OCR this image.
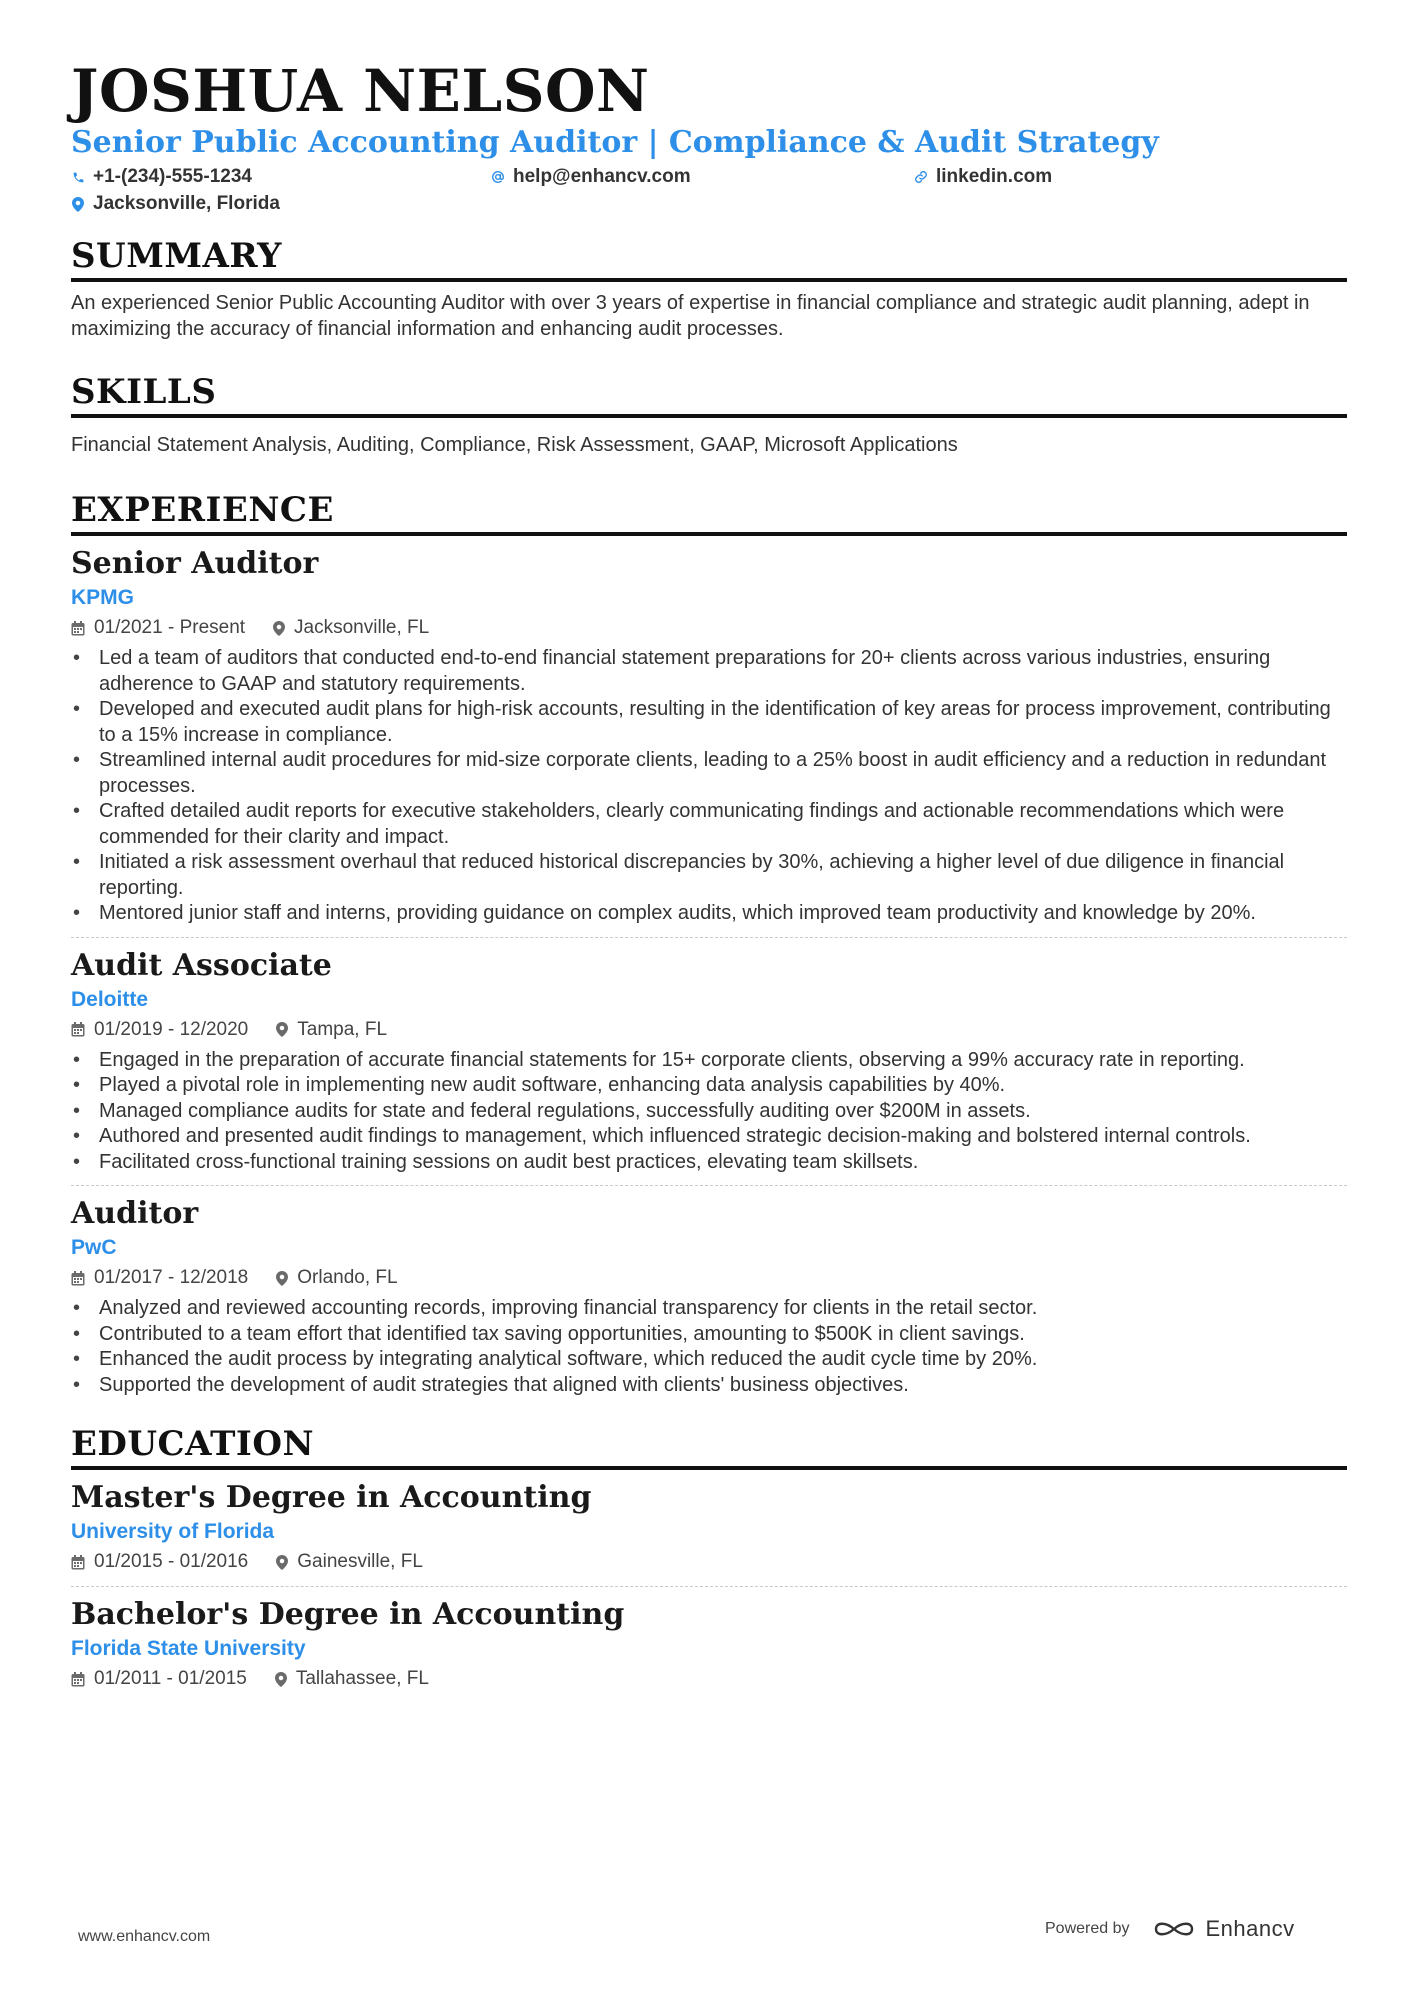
JOSHUA NELSON
Senior Public Accounting Auditor | Compliance & Audit Strategy
+1-(234)-555-1234	help@enhancv.com	linkedin.com
Jacksonville, Florida
SUMMARY

An experienced Senior Public Accounting Auditor with over 3 years of expertise in financial compliance and strategic audit planning, adept in maximizing the accuracy of financial information and enhancing audit processes.

SKILLS

Financial Statement Analysis, Auditing, Compliance, Risk Assessment, GAAP, Microsoft Applications

EXPERIENCE
Senior Auditor
KPMG
01/2021 - Present	Jacksonville, FL
• Led a team of auditors that conducted end-to-end financial statement preparations for 20+ clients across various industries, ensuring adherence to GAAP and statutory requirements.
• Developed and executed audit plans for high-risk accounts, resulting in the identification of key areas for process improvement, contributing to a 15% increase in compliance.
• Streamlined internal audit procedures for mid-size corporate clients, leading to a 25% boost in audit efficiency and a reduction in redundant processes.
• Crafted detailed audit reports for executive stakeholders, clearly communicating findings and actionable recommendations which were commended for their clarity and impact.
• Initiated a risk assessment overhaul that reduced historical discrepancies by 30%, achieving a higher level of due diligence in financial reporting.
• Mentored junior staff and interns, providing guidance on complex audits, which improved team productivity and knowledge by 20%.
Audit Associate
Deloitte
01/2019 - 12/2020	Tampa, FL
• Engaged in the preparation of accurate financial statements for 15+ corporate clients, observing a 99% accuracy rate in reporting.
• Played a pivotal role in implementing new audit software, enhancing data analysis capabilities by 40%.
• Managed compliance audits for state and federal regulations, successfully auditing over $200M in assets.
• Authored and presented audit findings to management, which influenced strategic decision-making and bolstered internal controls.
• Facilitated cross-functional training sessions on audit best practices, elevating team skillsets.
Auditor
PwC
01/2017 - 12/2018	Orlando, FL
• Analyzed and reviewed accounting records, improving financial transparency for clients in the retail sector.
• Contributed to a team effort that identified tax saving opportunities, amounting to $500K in client savings.
• Enhanced the audit process by integrating analytical software, which reduced the audit cycle time by 20%.
• Supported the development of audit strategies that aligned with clients' business objectives.
EDUCATION
Master's Degree in Accounting
University of Florida
01/2015 - 01/2016	Gainesville, FL
Bachelor's Degree in Accounting
Florida State University
01/2011 - 01/2015	Tallahassee, FL
www.enhancv.com	Powered by	Enhancv
